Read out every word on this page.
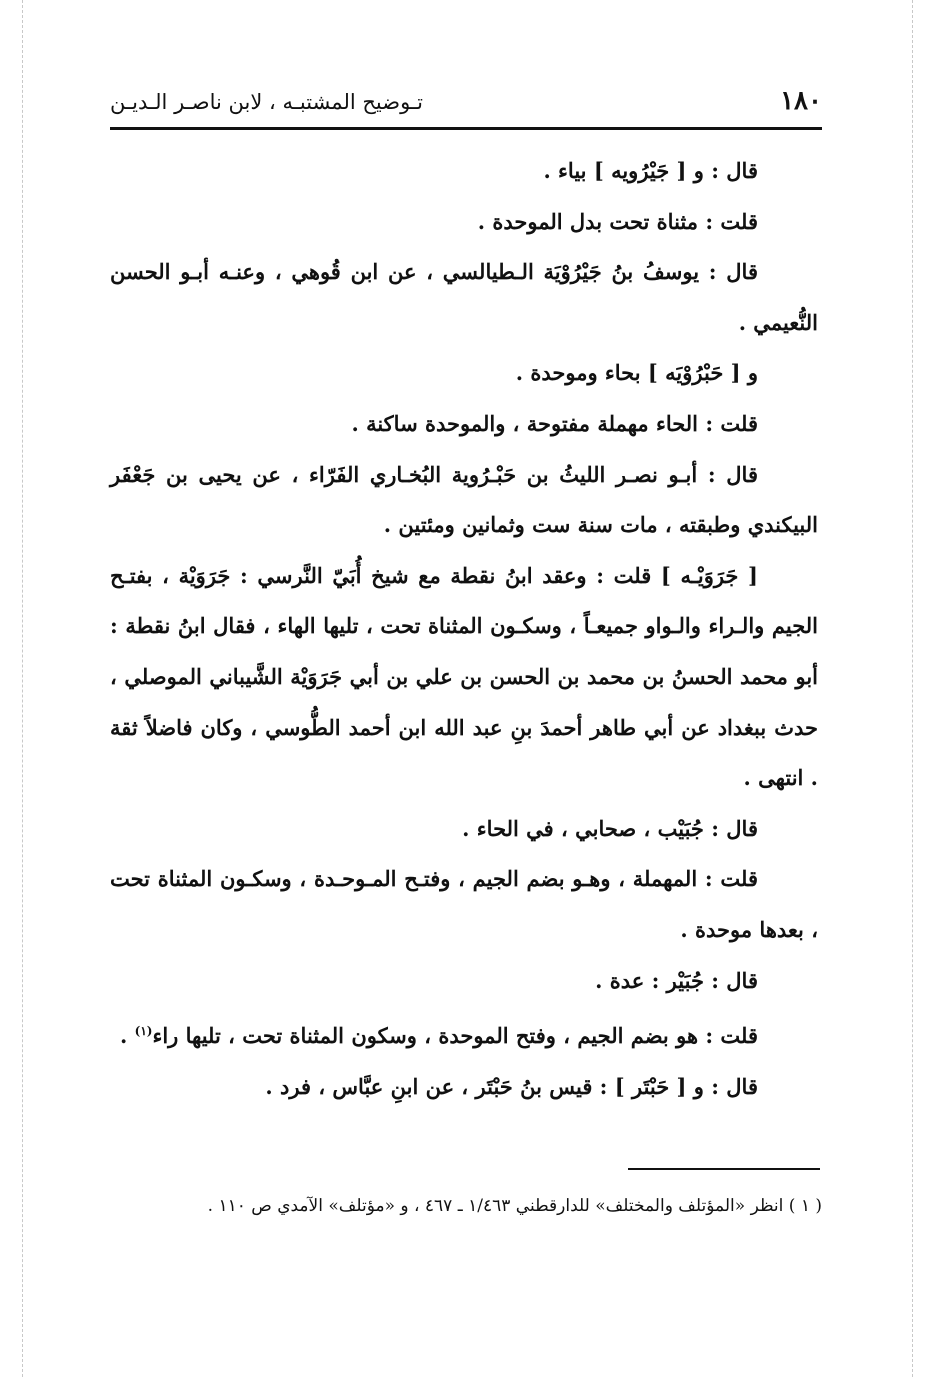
١٨٠
تـوضيح المشتبـه ، لابن ناصـر الـديـن

قال : و [ جَيْرُويه ] بياء .

قلت : مثناة تحت بدل الموحدة .

قال : يوسفُ بنُ جَيْرُوْيَة الـطيالسي ، عن ابن قُوهي ، وعنـه أبـو الحسن النُّعيمي .

و [ حَبْرُوْيَه ] بحاء وموحدة .

قلت : الحاء مهملة مفتوحة ، والموحدة ساكنة .

قال : أبـو نصـر الليثُ بن حَبْـرُوية البُخـاري الفَرّاء ، عن يحيى بن جَعْفَر البيكندي وطبقته ، مات سنة ست وثمانين ومئتين .

[ جَرَوَيْـه ] قلت : وعقد ابنُ نقطة مع شيخ أُبَيّ النَّرسي : جَرَوَيْة ، بفتـح الجيم والـراء والـواو جميعـاً ، وسكـون المثناة تحت ، تليها الهاء ، فقال ابنُ نقطة : أبو محمد الحسنُ بن محمد بن الحسن بن علي بن أبي جَرَوَيْة الشَّيباني الموصلي ، حدث ببغداد عن أبي طاهر أحمدَ بنِ عبد الله ابن أحمد الطُّوسي ، وكان فاضلاً ثقة . انتهى .

قال : جُبَيْب ، صحابي ، في الحاء .

قلت : المهملة ، وهـو بضم الجيم ، وفتـح المـوحـدة ، وسكـون المثناة تحت ، بعدها موحدة .

قال : جُبَيْر : عدة .

قلت : هو بضم الجيم ، وفتح الموحدة ، وسكون المثناة تحت ، تليها راء$^{(١)}$ .

قال : و [ حَبْتَر ] : قيس بنُ حَبْتَر ، عن ابنِ عبَّاس ، فرد .

( ١ ) انظر «المؤتلف والمختلف» للدارقطني ١/٤٦٣ ـ ٤٦٧ ، و «مؤتلف» الآمدي ص ١١٠ .
